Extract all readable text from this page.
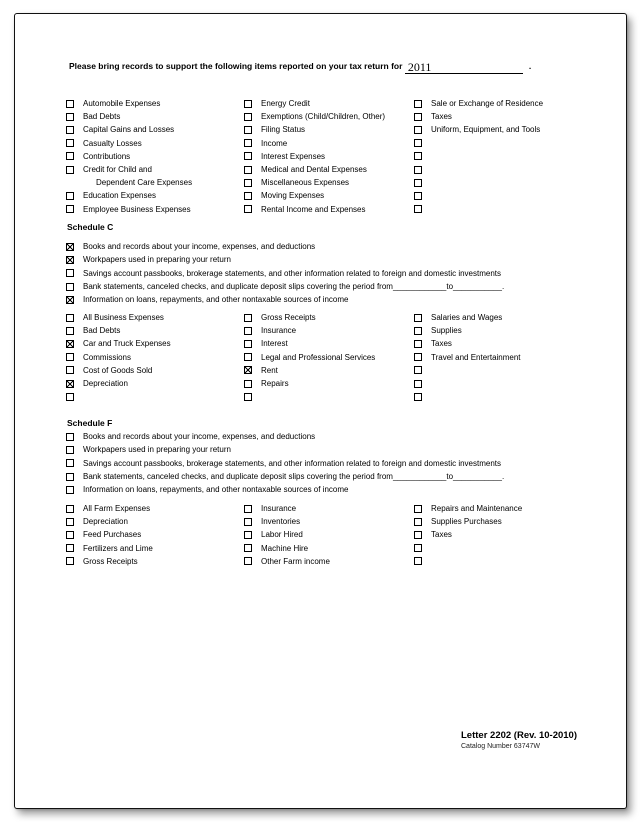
Please bring records to support the following items reported on your tax return for 2011	.
Automobile Expenses
Bad Debts
Capital Gains and Losses
Casualty Losses
Contributions
Credit for Child and
Dependent Care Expenses
Education Expenses
Employee Business Expenses
Energy Credit
Exemptions (Child/Children, Other)
Filing Status
Income
Interest Expenses
Medical and Dental Expenses
Miscellaneous Expenses
Moving Expenses
Rental Income and Expenses
Sale or Exchange of Residence
Taxes
Uniform, Equipment, and Tools
Schedule C
Books and records about your income, expenses, and deductions
Workpapers used in preparing your return
Savings account passbooks, brokerage statements, and other information related to foreign and domestic investments
Bank statements, canceled checks, and duplicate deposit slips covering the period from____________to___________.
Information on loans, repayments, and other nontaxable sources of income
All Business Expenses
Bad Debts
Car and Truck Expenses
Commissions
Cost of Goods Sold
Depreciation
Gross Receipts
Insurance
Interest
Legal and Professional Services
Rent
Repairs
Salaries and Wages
Supplies
Taxes
Travel and Entertainment
Schedule F
Books and records about your income, expenses, and deductions
Workpapers used in preparing your return
Savings account passbooks, brokerage statements, and other information related to foreign and domestic investments
Bank statements, canceled checks, and duplicate deposit slips covering the period from____________to___________.
Information on loans, repayments, and other nontaxable sources of income
All Farm Expenses
Depreciation
Feed Purchases
Fertilizers and Lime
Gross Receipts
Insurance
Inventories
Labor Hired
Machine Hire
Other Farm income
Repairs and Maintenance
Supplies Purchases
Taxes
Letter 2202 (Rev. 10-2010)
Catalog Number 63747W
